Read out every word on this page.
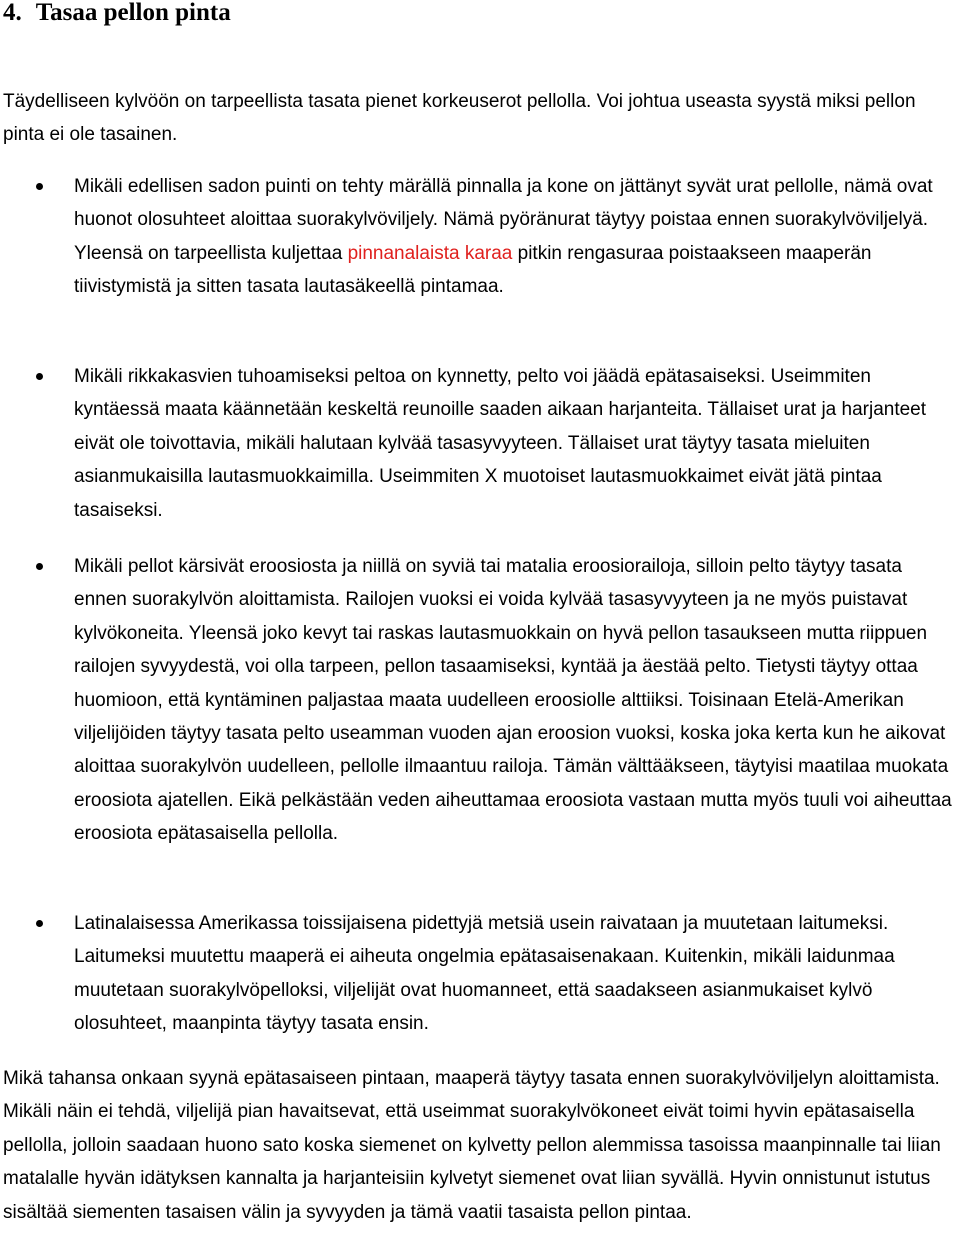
4. Tasaa pellon pinta

Täydelliseen kylvöön on tarpeellista tasata pienet korkeuserot pellolla. Voi johtua useasta syystä miksi pellon pinta ei ole tasainen.

Mikäli edellisen sadon puinti on tehty märällä pinnalla ja kone on jättänyt syvät urat pellolle, nämä ovat huonot olosuhteet aloittaa suorakylvöviljely. Nämä pyöränurat täytyy poistaa ennen suorakylvöviljelyä. Yleensä on tarpeellista kuljettaa pinnanalaista karaa pitkin rengasuraa poistaakseen maaperän tiivistymistä ja sitten tasata lautasäkeellä pintamaa.
Mikäli rikkakasvien tuhoamiseksi peltoa on kynnetty, pelto voi jäädä epätasaiseksi. Useimmiten kyntäessä maata käännetään keskeltä reunoille saaden aikaan harjanteita. Tällaiset urat ja harjanteet eivät ole toivottavia, mikäli halutaan kylvää tasasyvyyteen. Tällaiset urat täytyy tasata mieluiten asianmukaisilla lautasmuokkaimilla. Useimmiten X muotoiset lautasmuokkaimet eivät jätä pintaa tasaiseksi.
Mikäli pellot kärsivät eroosiosta ja niillä on syviä tai matalia eroosiorailoja, silloin pelto täytyy tasata ennen suorakylvön aloittamista. Railojen vuoksi ei voida kylvää tasasyvyyteen ja ne myös puistavat kylvökoneita. Yleensä joko kevyt tai raskas lautasmuokkain on hyvä pellon tasaukseen mutta riippuen railojen syvyydestä, voi olla tarpeen, pellon tasaamiseksi, kyntää ja äestää pelto. Tietysti täytyy ottaa huomioon, että kyntäminen paljastaa maata uudelleen eroosiolle alttiiksi. Toisinaan Etelä-Amerikan viljelijöiden täytyy tasata pelto useamman vuoden ajan eroosion vuoksi, koska joka kerta kun he aikovat aloittaa suorakylvön uudelleen, pellolle ilmaantuu railoja. Tämän välttääkseen, täytyisi maatilaa muokata eroosiota ajatellen. Eikä pelkästään veden aiheuttamaa eroosiota vastaan mutta myös tuuli voi aiheuttaa eroosiota epätasaisella pellolla.
Latinalaisessa Amerikassa toissijaisena pidettyjä metsiä usein raivataan ja muutetaan laitumeksi. Laitumeksi muutettu maaperä ei aiheuta ongelmia epätasaisenakaan. Kuitenkin, mikäli laidunmaa muutetaan suorakylvöpelloksi, viljelijät ovat huomanneet, että saadakseen asianmukaiset kylvö olosuhteet, maanpinta täytyy tasata ensin.

Mikä tahansa onkaan syynä epätasaiseen pintaan, maaperä täytyy tasata ennen suorakylvöviljelyn aloittamista. Mikäli näin ei tehdä, viljelijä pian havaitsevat, että useimmat suorakylvökoneet eivät toimi hyvin epätasaisella pellolla, jolloin saadaan huono sato koska siemenet on kylvetty pellon alemmissa tasoissa maanpinnalle tai liian matalalle hyvän idätyksen kannalta ja harjanteisiin kylvetyt siemenet ovat liian syvällä. Hyvin onnistunut istutus sisältää siementen tasaisen välin ja syvyyden ja tämä vaatii tasaista pellon pintaa.
